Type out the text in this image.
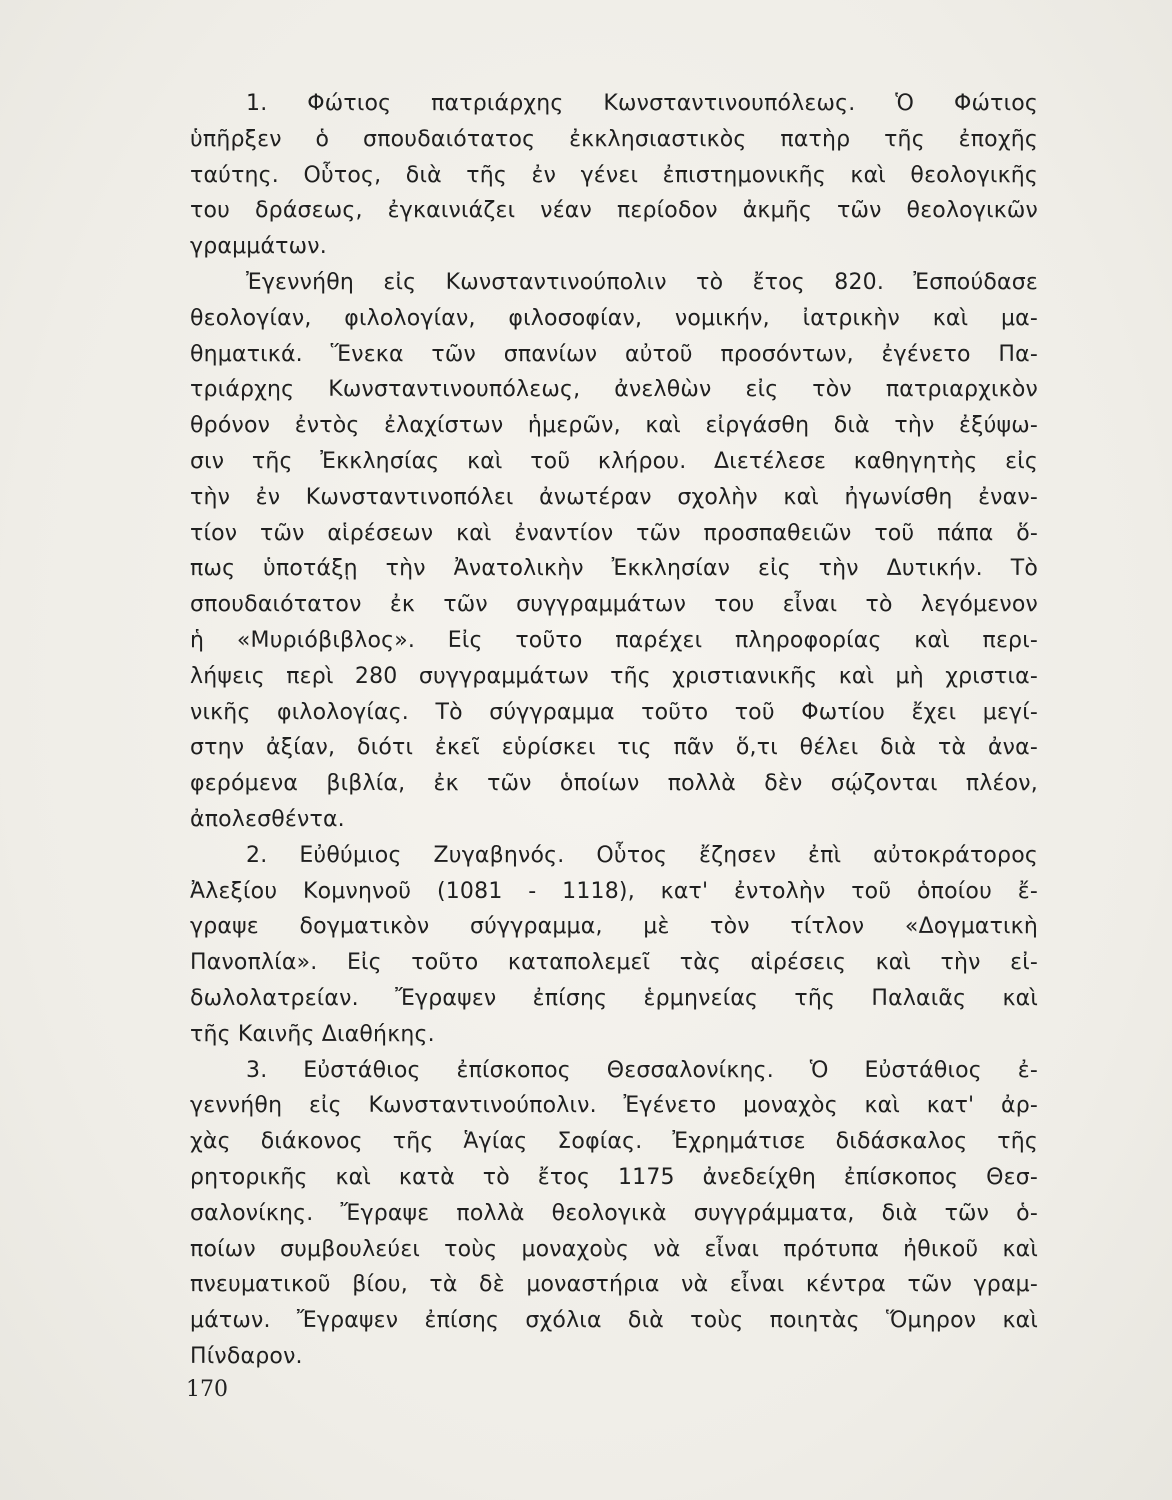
1. Φώτιος πατριάρχης Κωνσταντινουπόλεως. Ὁ Φώτιος
ὑπῆρξεν ὁ σπουδαιότατος ἐκκλησιαστικὸς πατὴρ τῆς ἐποχῆς
ταύτης. Οὗτος, διὰ τῆς ἐν γένει ἐπιστημονικῆς καὶ θεολογικῆς
του δράσεως, ἐγκαινιάζει νέαν περίοδον ἀκμῆς τῶν θεολογικῶν
γραμμάτων.
Ἐγεννήθη εἰς Κωνσταντινούπολιν τὸ ἔτος 820. Ἐσπούδασε
θεολογίαν, φιλολογίαν, φιλοσοφίαν, νομικήν, ἰατρικὴν καὶ μα-
θηματικά. Ἕνεκα τῶν σπανίων αὐτοῦ προσόντων, ἐγένετο Πα-
τριάρχης Κωνσταντινουπόλεως, ἀνελθὼν εἰς τὸν πατριαρχικὸν
θρόνον ἐντὸς ἐλαχίστων ἡμερῶν, καὶ εἰργάσθη διὰ τὴν ἐξύψω-
σιν τῆς Ἐκκλησίας καὶ τοῦ κλήρου. Διετέλεσε καθηγητὴς εἰς
τὴν ἐν Κωνσταντινοπόλει ἀνωτέραν σχολὴν καὶ ἠγωνίσθη ἐναν-
τίον τῶν αἱρέσεων καὶ ἐναντίον τῶν προσπαθειῶν τοῦ πάπα ὅ-
πως ὑποτάξῃ τὴν Ἀνατολικὴν Ἐκκλησίαν εἰς τὴν Δυτικήν. Τὸ
σπουδαιότατον ἐκ τῶν συγγραμμάτων του εἶναι τὸ λεγόμενον
ἡ «Μυριόβιβλος». Εἰς τοῦτο παρέχει πληροφορίας καὶ περι-
λήψεις περὶ 280 συγγραμμάτων τῆς χριστιανικῆς καὶ μὴ χριστια-
νικῆς φιλολογίας. Τὸ σύγγραμμα τοῦτο τοῦ Φωτίου ἔχει μεγί-
στην ἀξίαν, διότι ἐκεῖ εὑρίσκει τις πᾶν ὅ,τι θέλει διὰ τὰ ἀνα-
φερόμενα βιβλία, ἐκ τῶν ὁποίων πολλὰ δὲν σῴζονται πλέον,
ἀπολεσθέντα.
2. Εὐθύμιος Ζυγαβηνός. Οὗτος ἔζησεν ἐπὶ αὐτοκράτορος
Ἀλεξίου Κομνηνοῦ (1081 - 1118), κατ' ἐντολὴν τοῦ ὁποίου ἔ-
γραψε δογματικὸν σύγγραμμα, μὲ τὸν τίτλον «Δογματικὴ
Πανοπλία». Εἰς τοῦτο καταπολεμεῖ τὰς αἱρέσεις καὶ τὴν εἰ-
δωλολατρείαν. Ἔγραψεν ἐπίσης ἑρμηνείας τῆς Παλαιᾶς καὶ
τῆς Καινῆς Διαθήκης.
3. Εὐστάθιος ἐπίσκοπος Θεσσαλονίκης. Ὁ Εὐστάθιος ἐ-
γεννήθη εἰς Κωνσταντινούπολιν. Ἐγένετο μοναχὸς καὶ κατ' ἀρ-
χὰς διάκονος τῆς Ἁγίας Σοφίας. Ἐχρημάτισε διδάσκαλος τῆς
ρητορικῆς καὶ κατὰ τὸ ἔτος 1175 ἀνεδείχθη ἐπίσκοπος Θεσ-
σαλονίκης. Ἔγραψε πολλὰ θεολογικὰ συγγράμματα, διὰ τῶν ὁ-
ποίων συμβουλεύει τοὺς μοναχοὺς νὰ εἶναι πρότυπα ἠθικοῦ καὶ
πνευματικοῦ βίου, τὰ δὲ μοναστήρια νὰ εἶναι κέντρα τῶν γραμ-
μάτων. Ἔγραψεν ἐπίσης σχόλια διὰ τοὺς ποιητὰς Ὅμηρον καὶ
Πίνδαρον.
170
